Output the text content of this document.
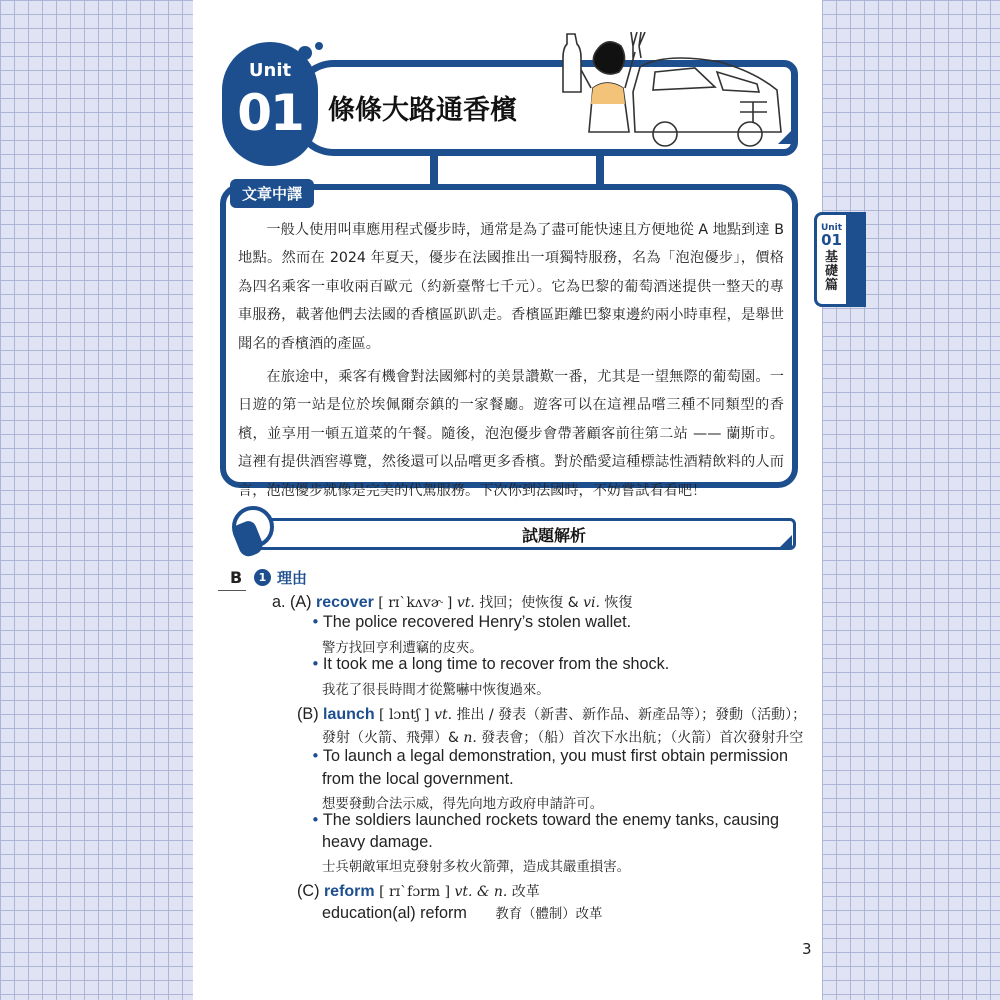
Unit
01 條條大路通香檳
Unit
01
基礎篇
文章中譯

一般人使用叫車應用程式優步時，通常是為了盡可能快速且方便地從 A 地點到達 B 地點。然而在 2024 年夏天，優步在法國推出一項獨特服務，名為「泡泡優步」，價格為四名乘客一車收兩百歐元（約新臺幣七千元）。它為巴黎的葡萄酒迷提供一整天的專車服務，載著他們去法國的香檳區趴趴走。香檳區距離巴黎東邊約兩小時車程，是舉世聞名的香檳酒的產區。

在旅途中，乘客有機會對法國鄉村的美景讚歎一番，尤其是一望無際的葡萄園。一日遊的第一站是位於埃佩爾奈鎮的一家餐廳。遊客可以在這裡品嚐三種不同類型的香檳，並享用一頓五道菜的午餐。隨後，泡泡優步會帶著顧客前往第二站 —— 蘭斯市。這裡有提供酒窖導覽，然後還可以品嚐更多香檳。對於酷愛這種標誌性酒精飲料的人而言，泡泡優步就像是完美的代駕服務。下次你到法國時，不妨嘗試看看吧！

試題解析
B	1 理由
a. (A) recover [ rɪˋkʌvɚ ] vt. 找回；使恢復 & vi. 恢復
• The police recovered Henry’s stolen wallet.
警方找回亨利遭竊的皮夾。
• It took me a long time to recover from the shock.
我花了很長時間才從驚嚇中恢復過來。
(B) launch [ lɔntʃ ] vt. 推出 / 發表（新書、新作品、新產品等）；發動（活動）；
發射（火箭、飛彈）& n. 發表會；（船）首次下水出航；（火箭）首次發射升空
• To launch a legal demonstration, you must first obtain permission
from the local government.
想要發動合法示威，得先向地方政府申請許可。
• The soldiers launched rockets toward the enemy tanks, causing
heavy damage.
士兵朝敵軍坦克發射多枚火箭彈，造成其嚴重損害。
(C) reform [ rɪˋfɔrm ] vt. & n. 改革
education(al) reform 教育（體制）改革
3
